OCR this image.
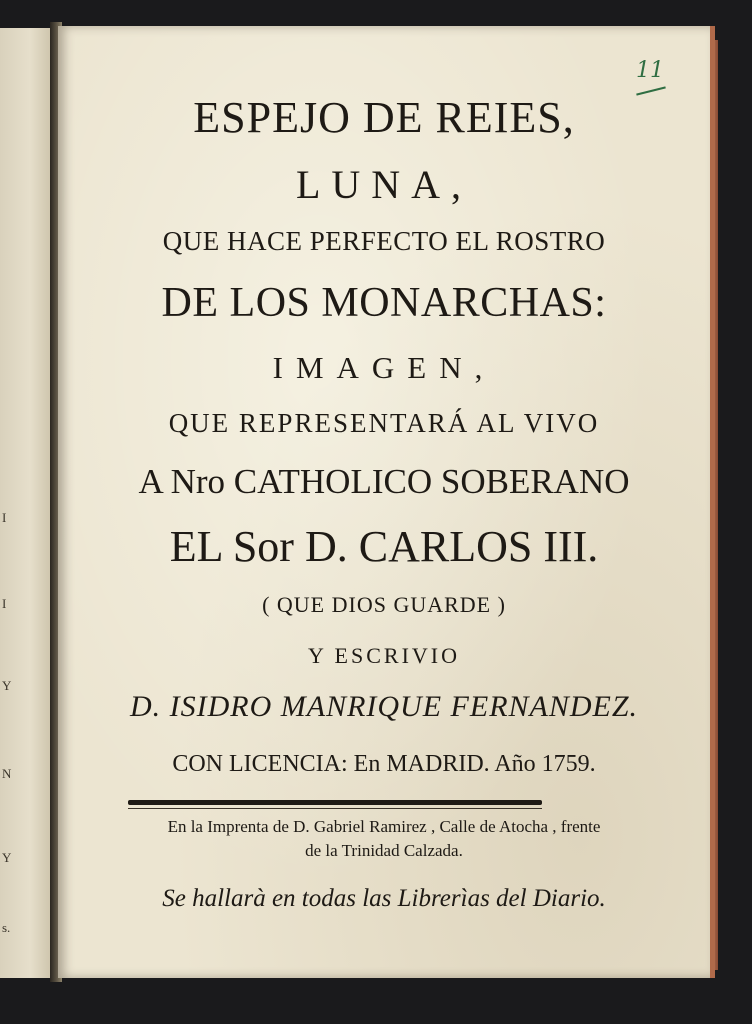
I
I
Y
N
Y
s.
11
ESPEJO DE REIES,
LUNA,
QUE HACE PERFECTO EL ROSTRO
DE LOS MONARCHAS:
IMAGEN,
QUE REPRESENTARÁ AL VIVO
A Nro CATHOLICO SOBERANO
EL Sor D. CARLOS III.
( QUE DIOS GUARDE )
Y ESCRIVIO
D. ISIDRO MANRIQUE FERNANDEZ.
CON LICENCIA: En MADRID. Año 1759.
En la Imprenta de D. Gabriel Ramirez , Calle de Atocha , frente
de la Trinidad Calzada.
Se hallarà en todas las Librerìas del Diario.
